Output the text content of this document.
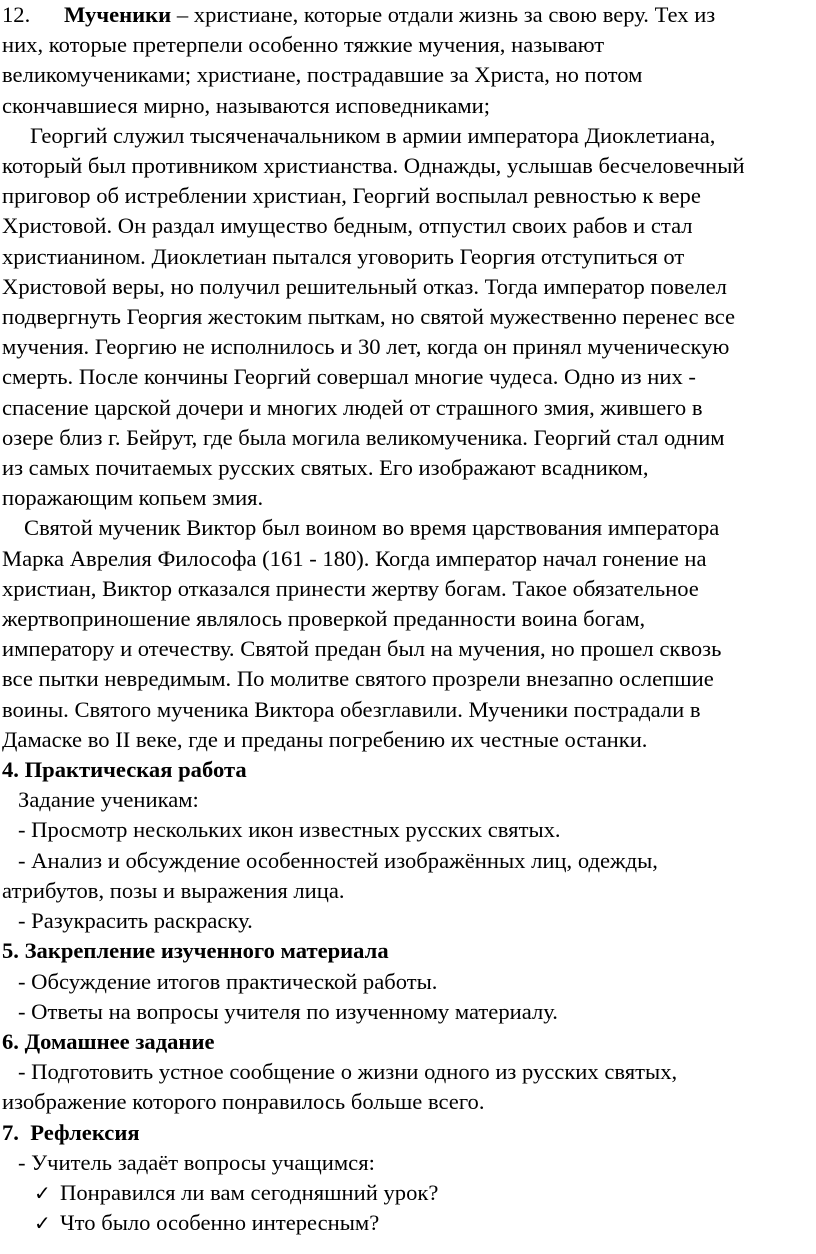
12. Мученики – христиане, которые отдали жизнь за свою веру. Тех из

них, которые претерпели особенно тяжкие мучения, называют

великомучениками; христиане, пострадавшие за Христа, но потом

скончавшиеся мирно, называются исповедниками;

Георгий служил тысяченачальником в армии императора Диоклетиана,

который был противником христианства. Однажды, услышав бесчеловечный

приговор об истреблении христиан, Георгий воспылал ревностью к вере

Христовой. Он раздал имущество бедным, отпустил своих рабов и стал

христианином. Диоклетиан пытался уговорить Георгия отступиться от

Христовой веры, но получил решительный отказ. Тогда император повелел

подвергнуть Георгия жестоким пыткам, но святой мужественно перенес все

мучения. Георгию не исполнилось и 30 лет, когда он принял мученическую

смерть. После кончины Георгий совершал многие чудеса. Одно из них -

спасение царской дочери и многих людей от страшного змия, жившего в

озере близ г. Бейрут, где была могила великомученика. Георгий стал одним

из самых почитаемых русских святых. Его изображают всадником,

поражающим копьем змия.

Святой мученик Виктор был воином во время царствования императора

Марка Аврелия Философа (161 - 180). Когда император начал гонение на

христиан, Виктор отказался принести жертву богам. Такое обязательное

жертвоприношение являлось проверкой преданности воина богам,

императору и отечеству. Святой предан был на мучения, но прошел сквозь

все пытки невредимым. По молитве святого прозрели внезапно ослепшие

воины. Святого мученика Виктора обезглавили. Мученики пострадали в

Дамаске во II веке, где и преданы погребению их честные останки.

4. Практическая работа

Задание ученикам:

- Просмотр нескольких икон известных русских святых.

- Анализ и обсуждение особенностей изображённых лиц, одежды,

атрибутов, позы и выражения лица.

- Разукрасить раскраску.

5. Закрепление изученного материала

- Обсуждение итогов практической работы.

- Ответы на вопросы учителя по изученному материалу.

6. Домашнее задание

- Подготовить устное сообщение о жизни одного из русских святых,

изображение которого понравилось больше всего.

7. Рефлексия

- Учитель задаёт вопросы учащимся:

✓ Понравился ли вам сегодняшний урок?

✓ Что было особенно интересным?
